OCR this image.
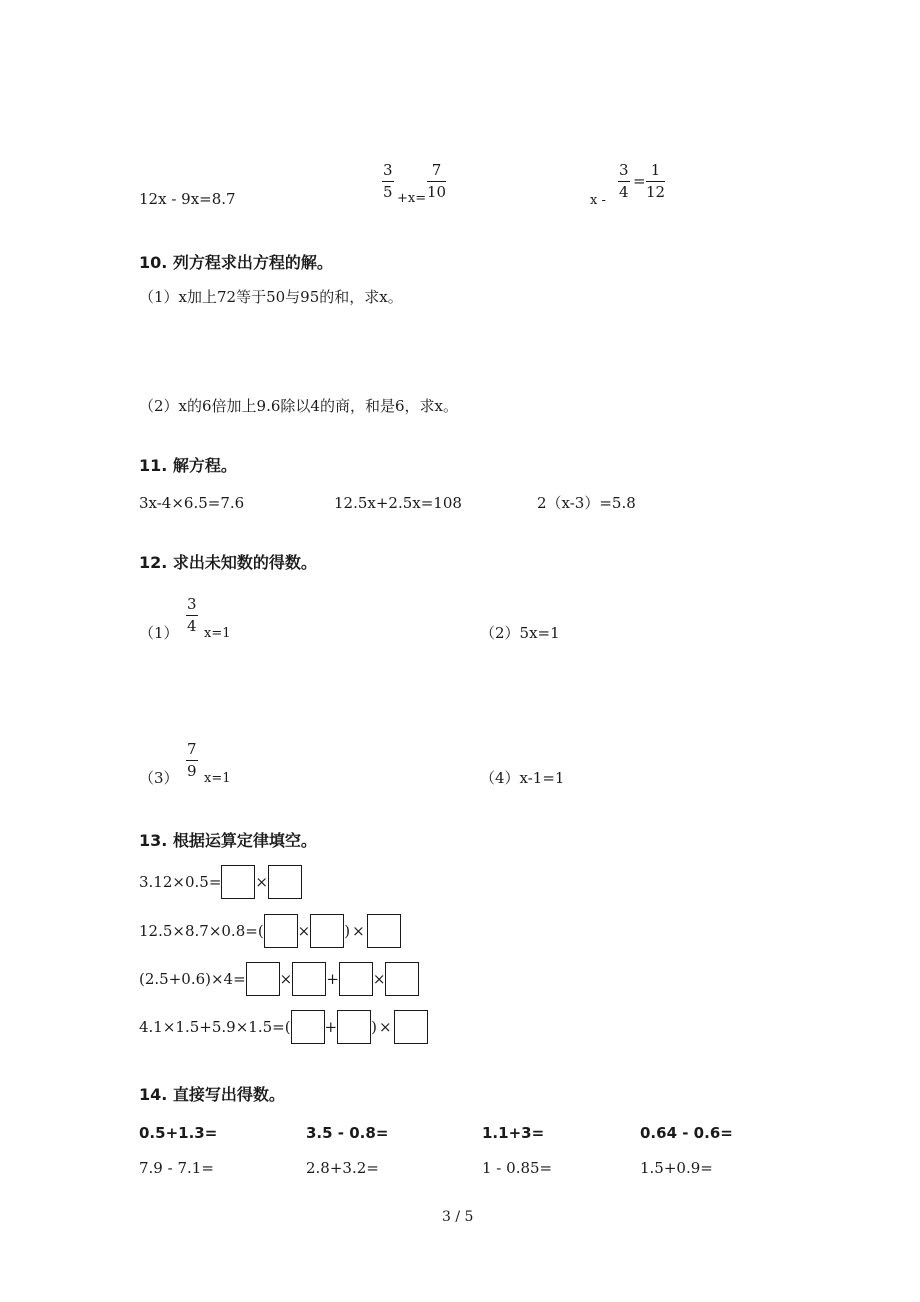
12x - 9x=8.7
3
5 +x=
7
10	x -
3
4
=
1
12
10. 列方程求出方程的解。
（1）x加上72等于50与95的和，求x。
（2）x的6倍加上9.6除以4的商，和是6，求x。
11. 解方程。
3x-4×6.5=7.6	12.5x+2.5x=108	2（x-3）=5.8
12. 求出未知数的得数。
（1）
3
4 x=1	（2）5x=1
（3）
7
9 x=1	（4）x-1=1
13. 根据运算定律填空。
3.12×0.5= ×
12.5×8.7×0.8=( × ) ×
(2.5+0.6)×4= × + ×
4.1×1.5+5.9×1.5=( + ) ×
14. 直接写出得数。
0.5+1.3=	3.5 - 0.8=	1.1+3=	0.64 - 0.6=
7.9 - 7.1=	2.8+3.2=	1 - 0.85=	1.5+0.9=
3 / 5
